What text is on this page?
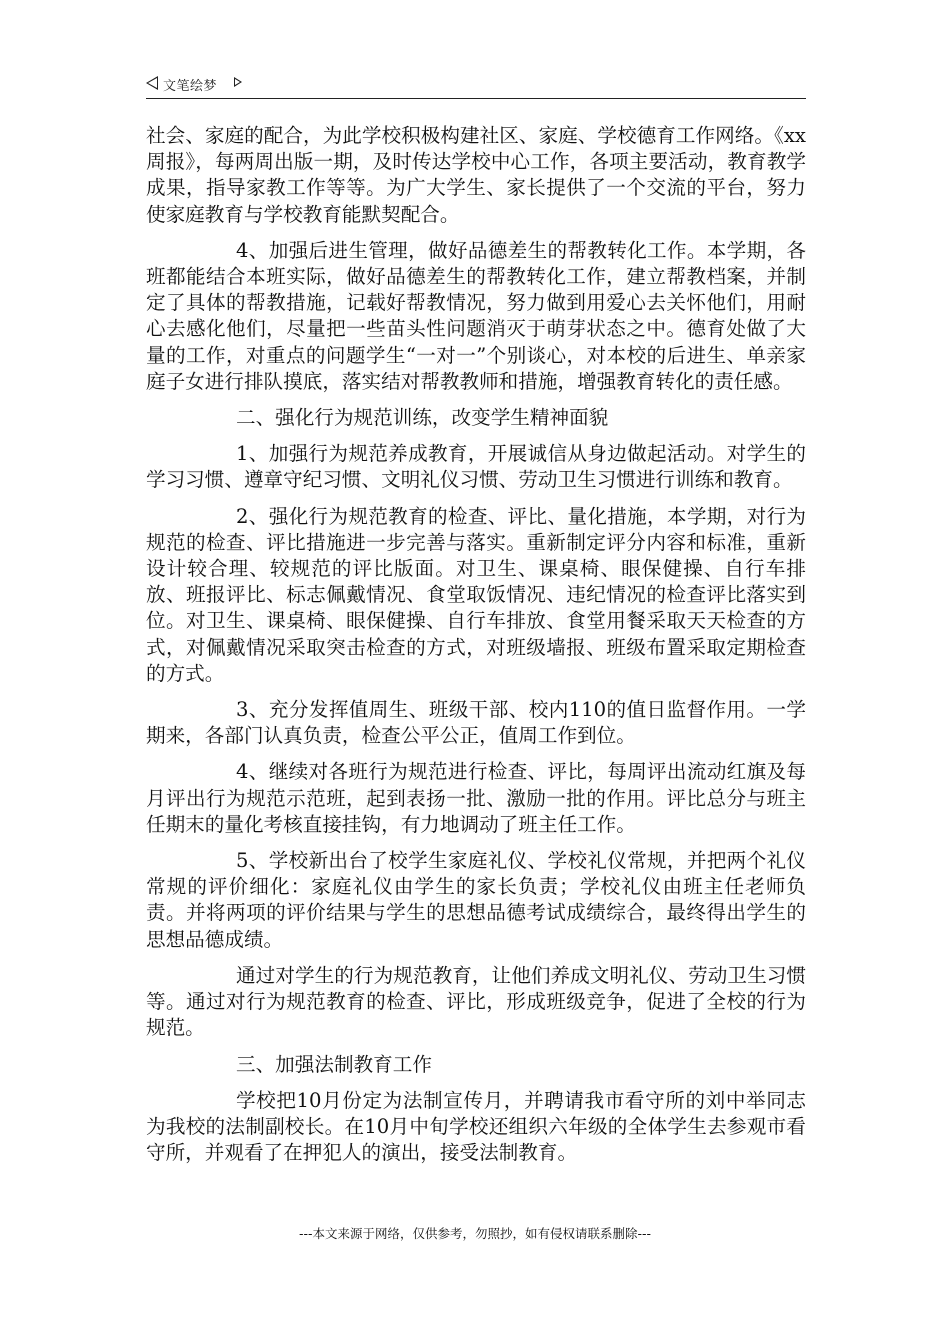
文笔绘梦

社会、家庭的配合，为此学校积极构建社区、家庭、学校德育工作网络。《xx周报》，每两周出版一期，及时传达学校中心工作，各项主要活动，教育教学成果，指导家教工作等等。为广大学生、家长提供了一个交流的平台，努力使家庭教育与学校教育能默契配合。

4、加强后进生管理，做好品德差生的帮教转化工作。本学期，各班都能结合本班实际，做好品德差生的帮教转化工作，建立帮教档案，并制定了具体的帮教措施，记载好帮教情况，努力做到用爱心去关怀他们，用耐心去感化他们，尽量把一些苗头性问题消灭于萌芽状态之中。德育处做了大量的工作，对重点的问题学生“一对一”个别谈心，对本校的后进生、单亲家庭子女进行排队摸底，落实结对帮教教师和措施，增强教育转化的责任感。

二、强化行为规范训练，改变学生精神面貌

1、加强行为规范养成教育，开展诚信从身边做起活动。对学生的学习习惯、遵章守纪习惯、文明礼仪习惯、劳动卫生习惯进行训练和教育。

2、强化行为规范教育的检查、评比、量化措施，本学期，对行为规范的检查、评比措施进一步完善与落实。重新制定评分内容和标准，重新设计较合理、较规范的评比版面。对卫生、课桌椅、眼保健操、自行车排放、班报评比、标志佩戴情况、食堂取饭情况、违纪情况的检查评比落实到位。对卫生、课桌椅、眼保健操、自行车排放、食堂用餐采取天天检查的方式，对佩戴情况采取突击检查的方式，对班级墙报、班级布置采取定期检查的方式。

3、充分发挥值周生、班级干部、校内110的值日监督作用。一学期来，各部门认真负责，检查公平公正，值周工作到位。

4、继续对各班行为规范进行检查、评比，每周评出流动红旗及每月评出行为规范示范班，起到表扬一批、激励一批的作用。评比总分与班主任期末的量化考核直接挂钩，有力地调动了班主任工作。

5、学校新出台了校学生家庭礼仪、学校礼仪常规，并把两个礼仪常规的评价细化：家庭礼仪由学生的家长负责；学校礼仪由班主任老师负责。并将两项的评价结果与学生的思想品德考试成绩综合，最终得出学生的思想品德成绩。

通过对学生的行为规范教育，让他们养成文明礼仪、劳动卫生习惯等。通过对行为规范教育的检查、评比，形成班级竞争，促进了全校的行为规范。

三、加强法制教育工作

学校把10月份定为法制宣传月，并聘请我市看守所的刘中举同志为我校的法制副校长。在10月中旬学校还组织六年级的全体学生去参观市看守所，并观看了在押犯人的演出，接受法制教育。

---本文来源于网络，仅供参考，勿照抄，如有侵权请联系删除---
